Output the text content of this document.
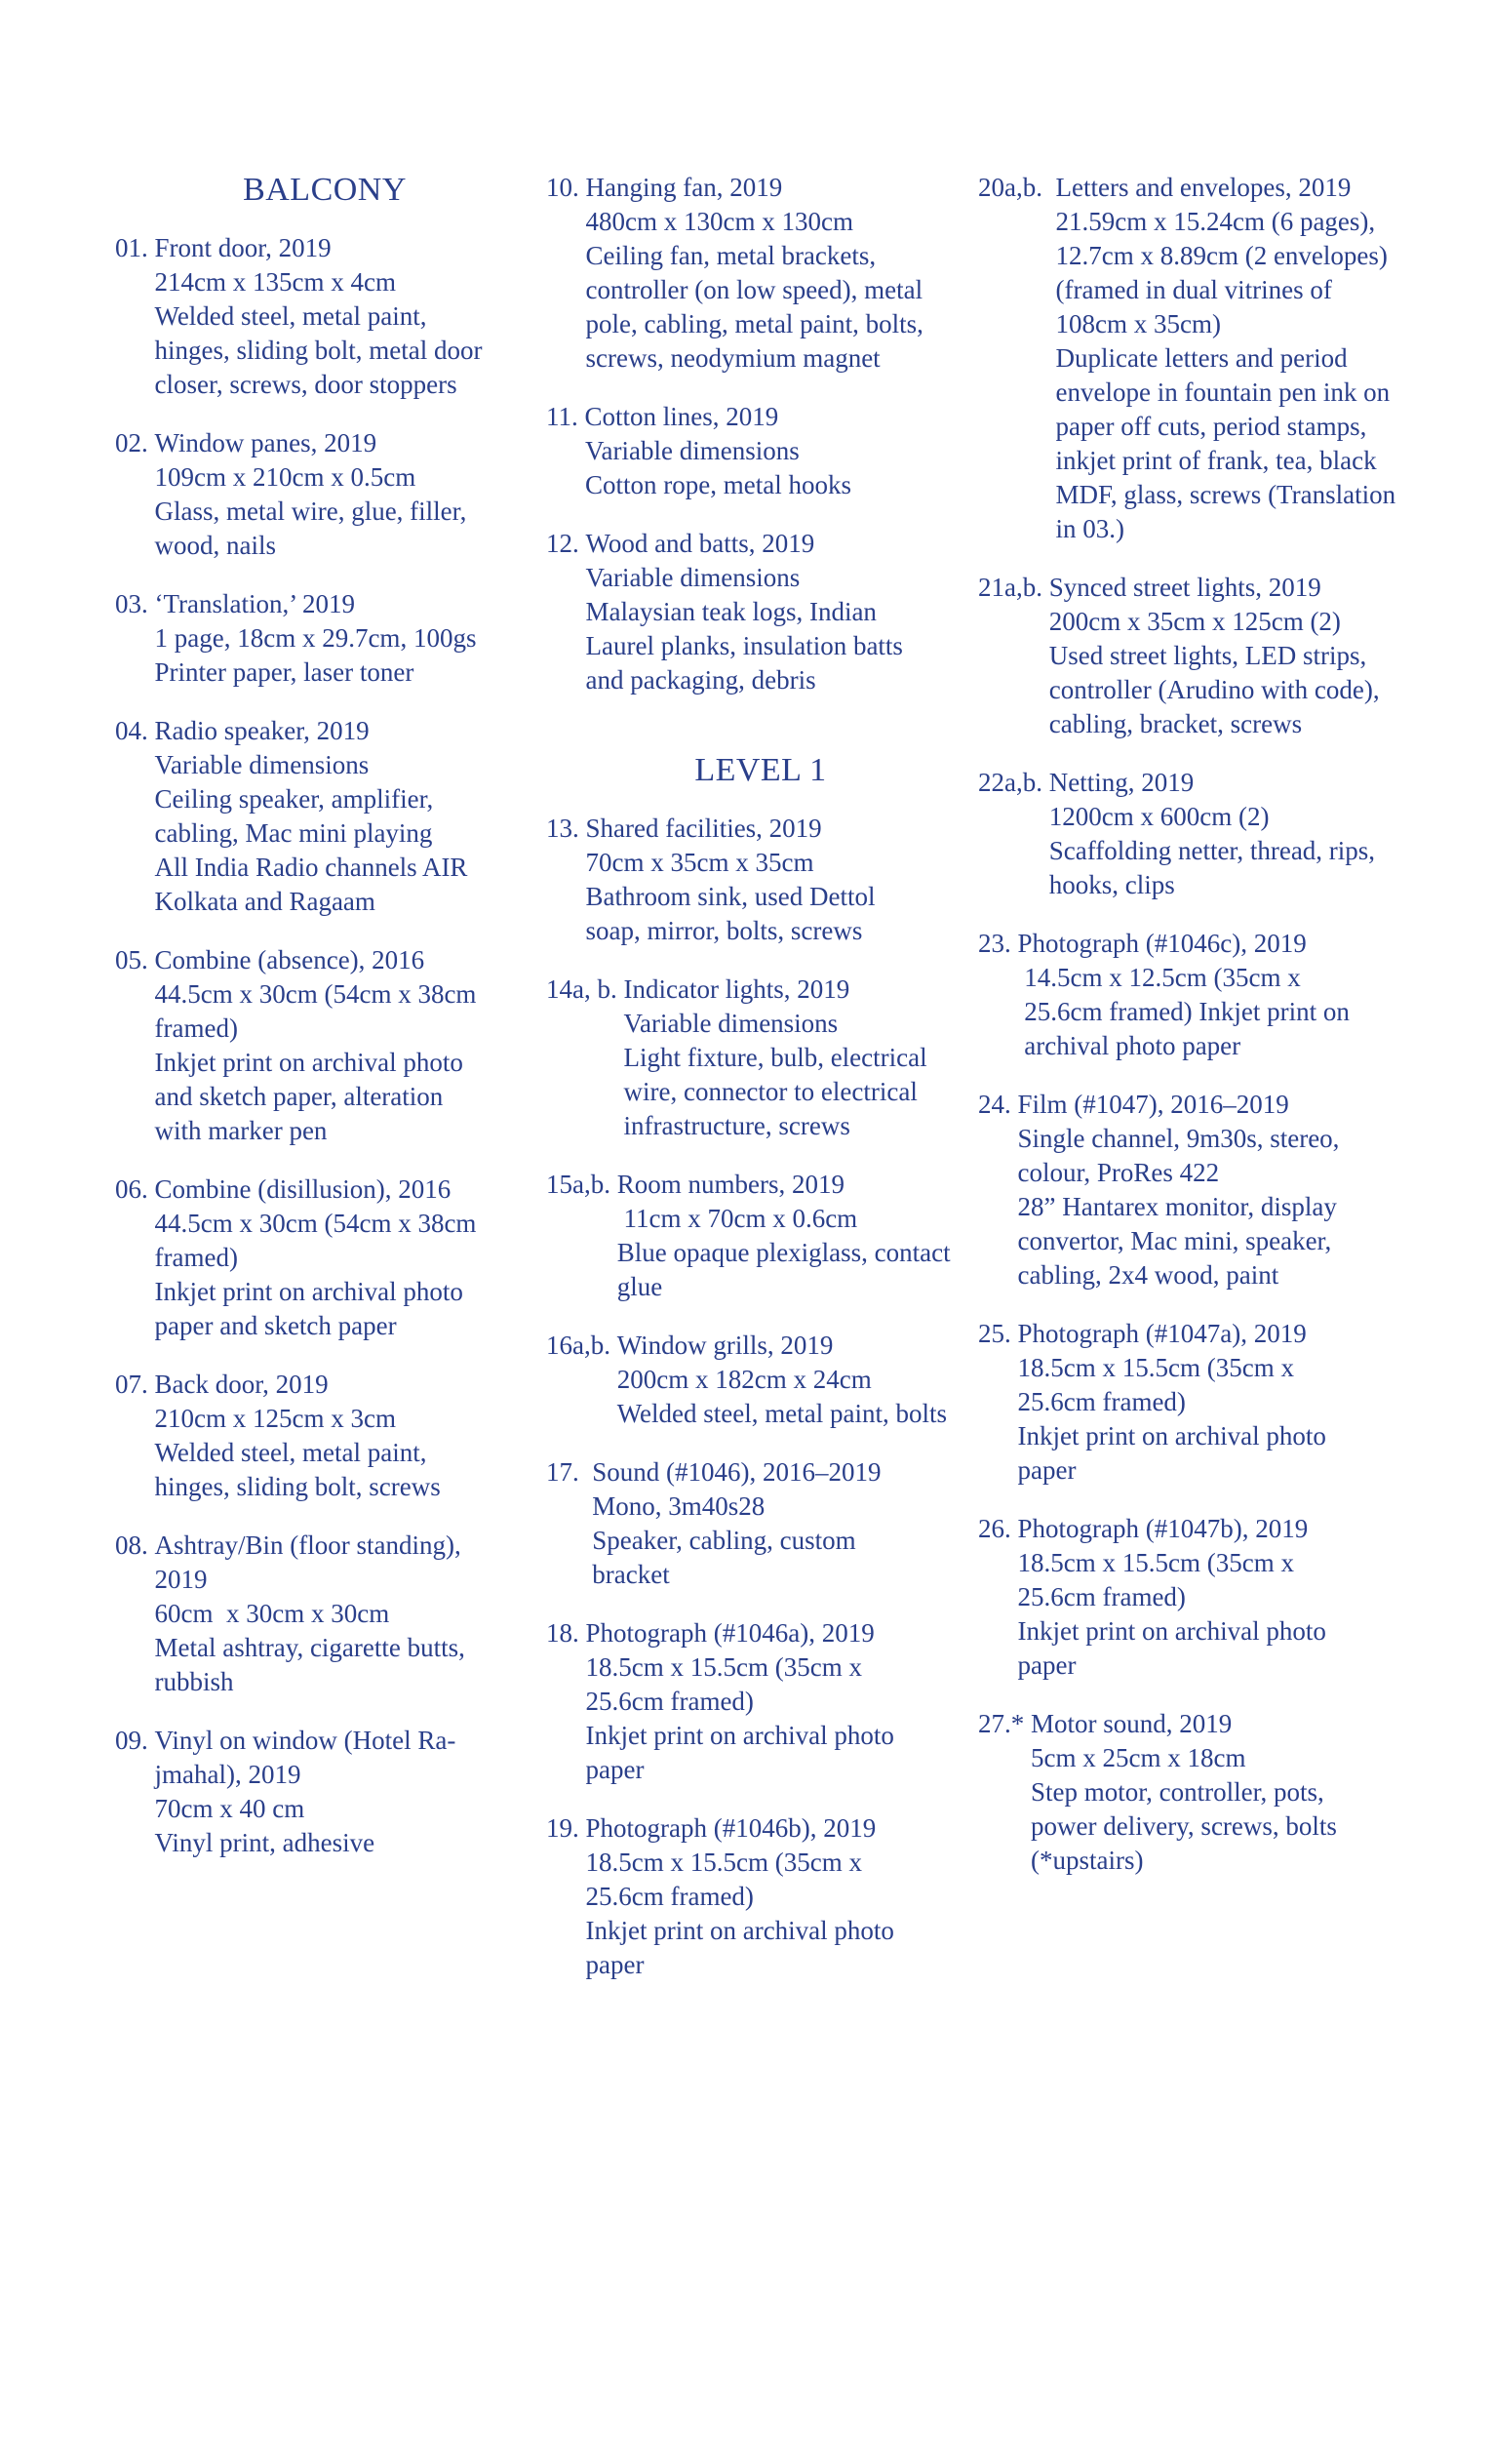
BALCONY
01. Front door, 2019
214cm x 135cm x 4cm
Welded steel, metal paint,
hinges, sliding bolt, metal door
closer, screws, door stoppers
02. Window panes, 2019
109cm x 210cm x 0.5cm
Glass, metal wire, glue, filler,
wood, nails
03. ‘Translation,’ 2019
1 page, 18cm x 29.7cm, 100gs
Printer paper, laser toner
04. Radio speaker, 2019
Variable dimensions
Ceiling speaker, amplifier,
cabling, Mac mini playing
All India Radio channels AIR
Kolkata and Ragaam
05. Combine (absence), 2016
44.5cm x 30cm (54cm x 38cm
framed)
Inkjet print on archival photo
and sketch paper, alteration
with marker pen
06. Combine (disillusion), 2016
44.5cm x 30cm (54cm x 38cm
framed)
Inkjet print on archival photo
paper and sketch paper
07. Back door, 2019
210cm x 125cm x 3cm
Welded steel, metal paint,
hinges, sliding bolt, screws
08. Ashtray/Bin (floor standing),
2019
60cm  x 30cm x 30cm
Metal ashtray, cigarette butts,
rubbish
09. Vinyl on window (Hotel Ra-
jmahal), 2019
70cm x 40 cm
Vinyl print, adhesive
10. Hanging fan, 2019
480cm x 130cm x 130cm
Ceiling fan, metal brackets,
controller (on low speed), metal
pole, cabling, metal paint, bolts,
screws, neodymium magnet
11. Cotton lines, 2019
Variable dimensions
Cotton rope, metal hooks
12. Wood and batts, 2019
Variable dimensions
Malaysian teak logs, Indian
Laurel planks, insulation batts
and packaging, debris
LEVEL 1
13. Shared facilities, 2019
70cm x 35cm x 35cm
Bathroom sink, used Dettol
soap, mirror, bolts, screws
14a, b. Indicator lights, 2019
Variable dimensions
Light fixture, bulb, electrical
wire, connector to electrical
infrastructure, screws
15a,b. Room numbers, 2019
11cm x 70cm x 0.6cm
Blue opaque plexiglass, contact
glue
16a,b. Window grills, 2019
200cm x 182cm x 24cm
Welded steel, metal paint, bolts
17. Sound (#1046), 2016–2019
Mono, 3m40s28
Speaker, cabling, custom
bracket
18. Photograph (#1046a), 2019
18.5cm x 15.5cm (35cm x
25.6cm framed)
Inkjet print on archival photo
paper
19. Photograph (#1046b), 2019
18.5cm x 15.5cm (35cm x
25.6cm framed)
Inkjet print on archival photo
paper
20a,b. Letters and envelopes, 2019
21.59cm x 15.24cm (6 pages),
12.7cm x 8.89cm (2 envelopes)
(framed in dual vitrines of
108cm x 35cm)
Duplicate letters and period
envelope in fountain pen ink on
paper off cuts, period stamps,
inkjet print of frank, tea, black
MDF, glass, screws (Translation
in 03.)
21a,b. Synced street lights, 2019
200cm x 35cm x 125cm (2)
Used street lights, LED strips,
controller (Arudino with code),
cabling, bracket, screws
22a,b. Netting, 2019
1200cm x 600cm (2)
Scaffolding netter, thread, rips,
hooks, clips
23. Photograph (#1046c), 2019
14.5cm x 12.5cm (35cm x
25.6cm framed) Inkjet print on
archival photo paper
24. Film (#1047), 2016–2019
Single channel, 9m30s, stereo,
colour, ProRes 422
28” Hantarex monitor, display
convertor, Mac mini, speaker,
cabling, 2x4 wood, paint
25. Photograph (#1047a), 2019
18.5cm x 15.5cm (35cm x
25.6cm framed)
Inkjet print on archival photo
paper
26. Photograph (#1047b), 2019
18.5cm x 15.5cm (35cm x
25.6cm framed)
Inkjet print on archival photo
paper
27.* Motor sound, 2019
5cm x 25cm x 18cm
Step motor, controller, pots,
power delivery, screws, bolts
(*upstairs)
